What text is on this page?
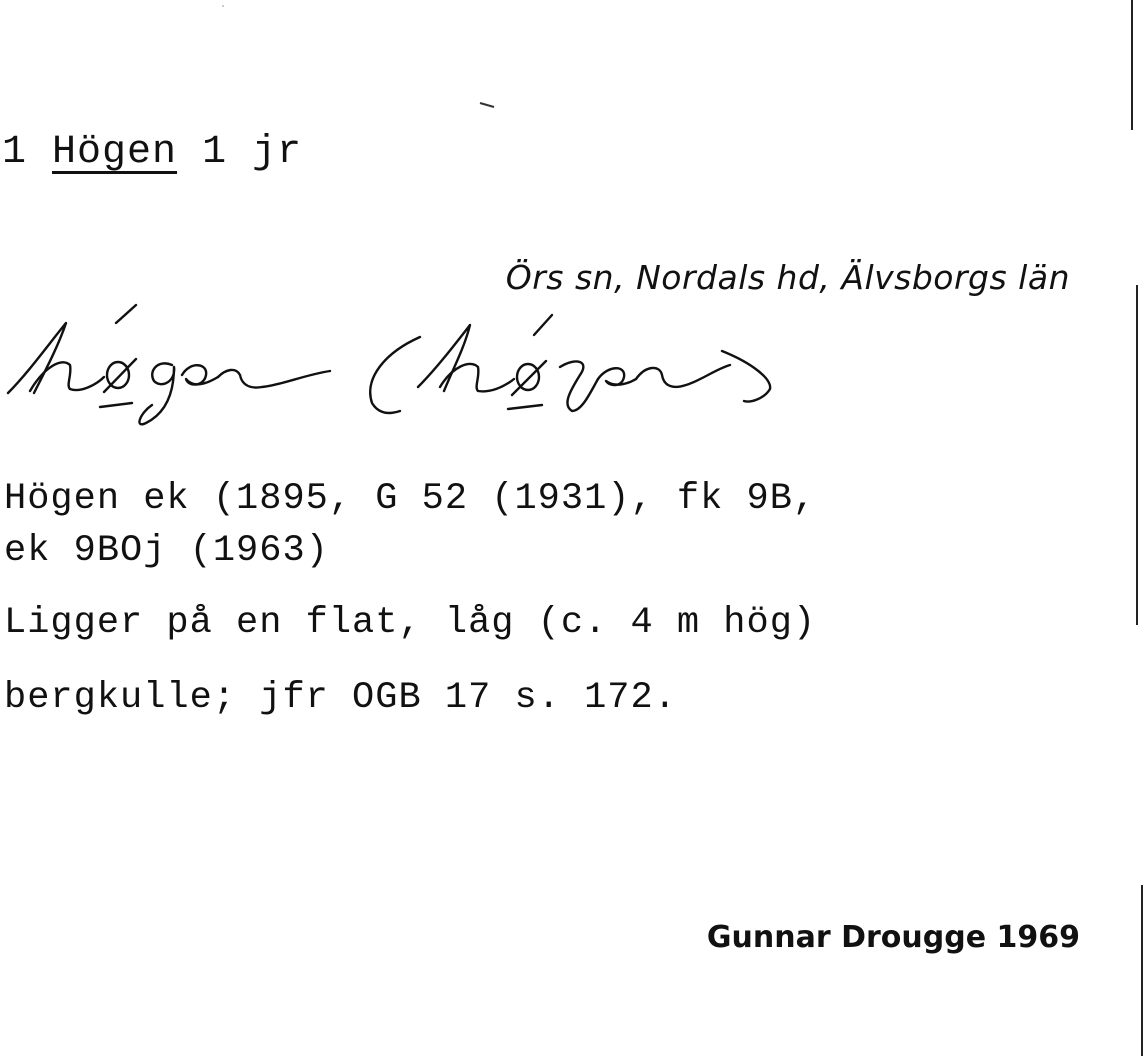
1 Högen 1 jr
Örs sn, Nordals hd, Älvsborgs län
Högen ek (1895, G 52 (1931), fk 9B,
ek 9BOj (1963)
Ligger på en flat, låg (c. 4 m hög)
bergkulle; jfr OGB 17 s. 172.
Gunnar Drougge 1969
